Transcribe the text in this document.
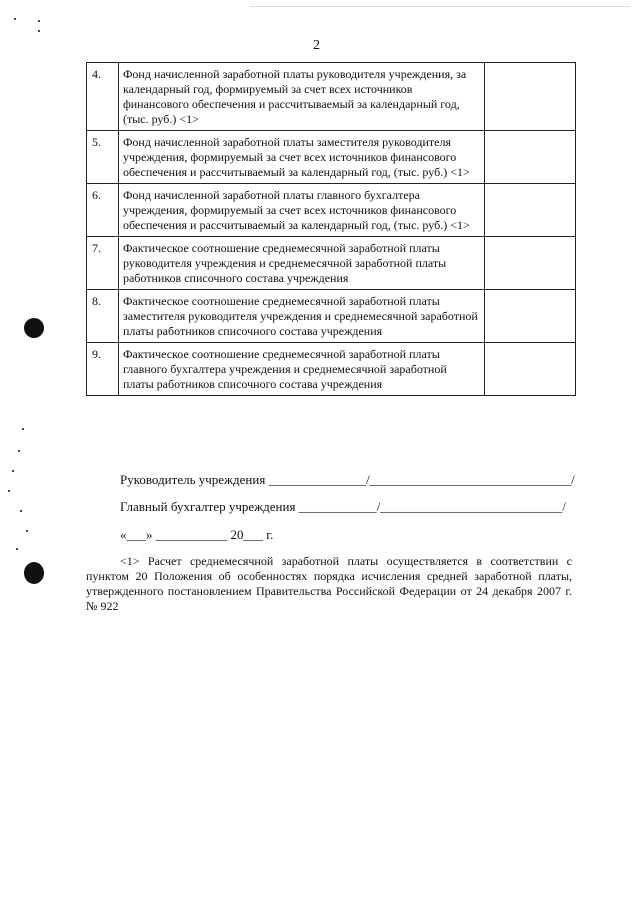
2
4.	Фонд начисленной заработной платы руководителя учреждения, за календарный год, формируемый за счет всех источников финансового обеспечения и рассчитываемый за календарный год, (тыс. руб.) <1>	
5.	Фонд начисленной заработной платы заместителя руководителя учреждения, формируемый за счет всех источников финансового обеспечения и рассчитываемый за календарный год, (тыс. руб.) <1>	
6.	Фонд начисленной заработной платы главного бухгалтера учреждения, формируемый за счет всех источников финансового обеспечения и рассчитываемый за календарный год, (тыс. руб.) <1>	
7.	Фактическое соотношение среднемесячной заработной платы руководителя учреждения и среднемесячной заработной платы работников списочного состава учреждения	
8.	Фактическое соотношение среднемесячной заработной платы заместителя руководителя учреждения и среднемесячной заработной платы работников списочного состава учреждения	
9.	Фактическое соотношение среднемесячной заработной платы главного бухгалтера учреждения и среднемесячной заработной платы работников списочного состава учреждения	
Руководитель учреждения _______________/_______________________________/
Главный бухгалтер учреждения ____________/____________________________/
«___» ___________ 20___ г.
<1> Расчет среднемесячной заработной платы осуществляется в соответствии с пунктом 20 Положения об особенностях порядка исчисления средней заработной платы, утвержденного постановлением Правительства Российской Федерации от 24 декабря 2007 г. № 922
